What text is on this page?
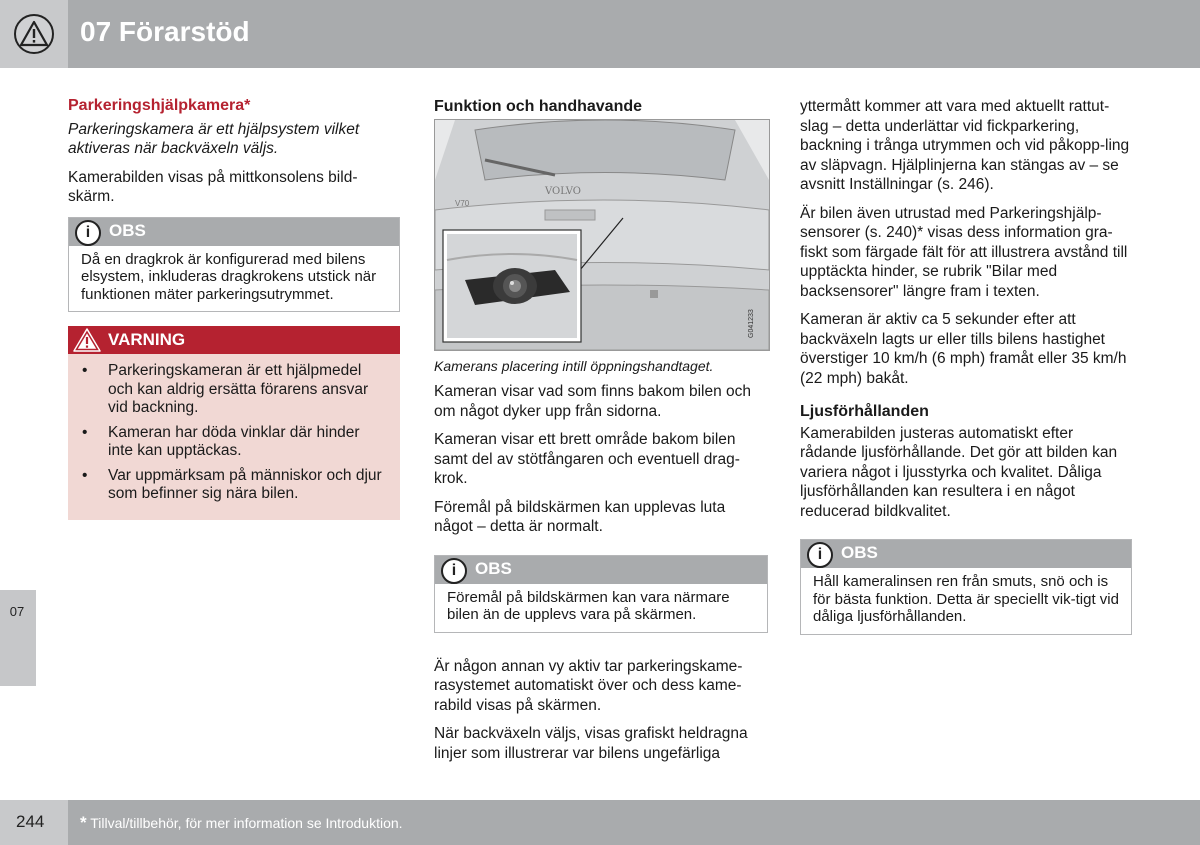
07 Förarstöd
07
Parkeringshjälpkamera*

Parkeringskamera är ett hjälpsystem vilket aktiveras när backväxeln väljs.

Kamerabilden visas på mittkonsolens bild-skärm.

i	OBS
Då en dragkrok är konfigurerad med bilens elsystem, inkluderas dragkrokens utstick när funktionen mäter parkeringsutrymmet.
VARNING
• Parkeringskameran är ett hjälpmedel och kan aldrig ersätta förarens ansvar vid backning.
• Kameran har döda vinklar där hinder inte kan upptäckas.
• Var uppmärksam på människor och djur som befinner sig nära bilen.
Funktion och handhavande
VOLVO
V70
G041233
Kamerans placering intill öppningshandtaget.

Kameran visar vad som finns bakom bilen och om något dyker upp från sidorna.

Kameran visar ett brett område bakom bilen samt del av stötfångaren och eventuell drag-krok.

Föremål på bildskärmen kan upplevas luta något – detta är normalt.

i	OBS
Föremål på bildskärmen kan vara närmare bilen än de upplevs vara på skärmen.

Är någon annan vy aktiv tar parkeringskame-rasystemet automatiskt över och dess kame-rabild visas på skärmen.

När backväxeln väljs, visas grafiskt heldragna linjer som illustrerar var bilens ungefärliga

yttermått kommer att vara med aktuellt rattut-slag – detta underlättar vid fickparkering, backning i trånga utrymmen och vid påkopp-ling av släpvagn. Hjälplinjerna kan stängas av – se avsnitt Inställningar (s. 246).

Är bilen även utrustad med Parkeringshjälp-sensorer (s. 240)* visas dess information gra-fiskt som färgade fält för att illustrera avstånd till upptäckta hinder, se rubrik "Bilar med backsensorer" längre fram i texten.

Kameran är aktiv ca 5 sekunder efter att backväxeln lagts ur eller tills bilens hastighet överstiger 10 km/h (6 mph) framåt eller 35 km/h (22 mph) bakåt.

Ljusförhållanden

Kamerabilden justeras automatiskt efter rådande ljusförhållande. Det gör att bilden kan variera något i ljusstyrka och kvalitet. Dåliga ljusförhållanden kan resultera i en något reducerad bildkvalitet.

i	OBS
Håll kameralinsen ren från smuts, snö och is för bästa funktion. Detta är speciellt vik-tigt vid dåliga ljusförhållanden.
244 * Tillval/tillbehör, för mer information se Introduktion.
